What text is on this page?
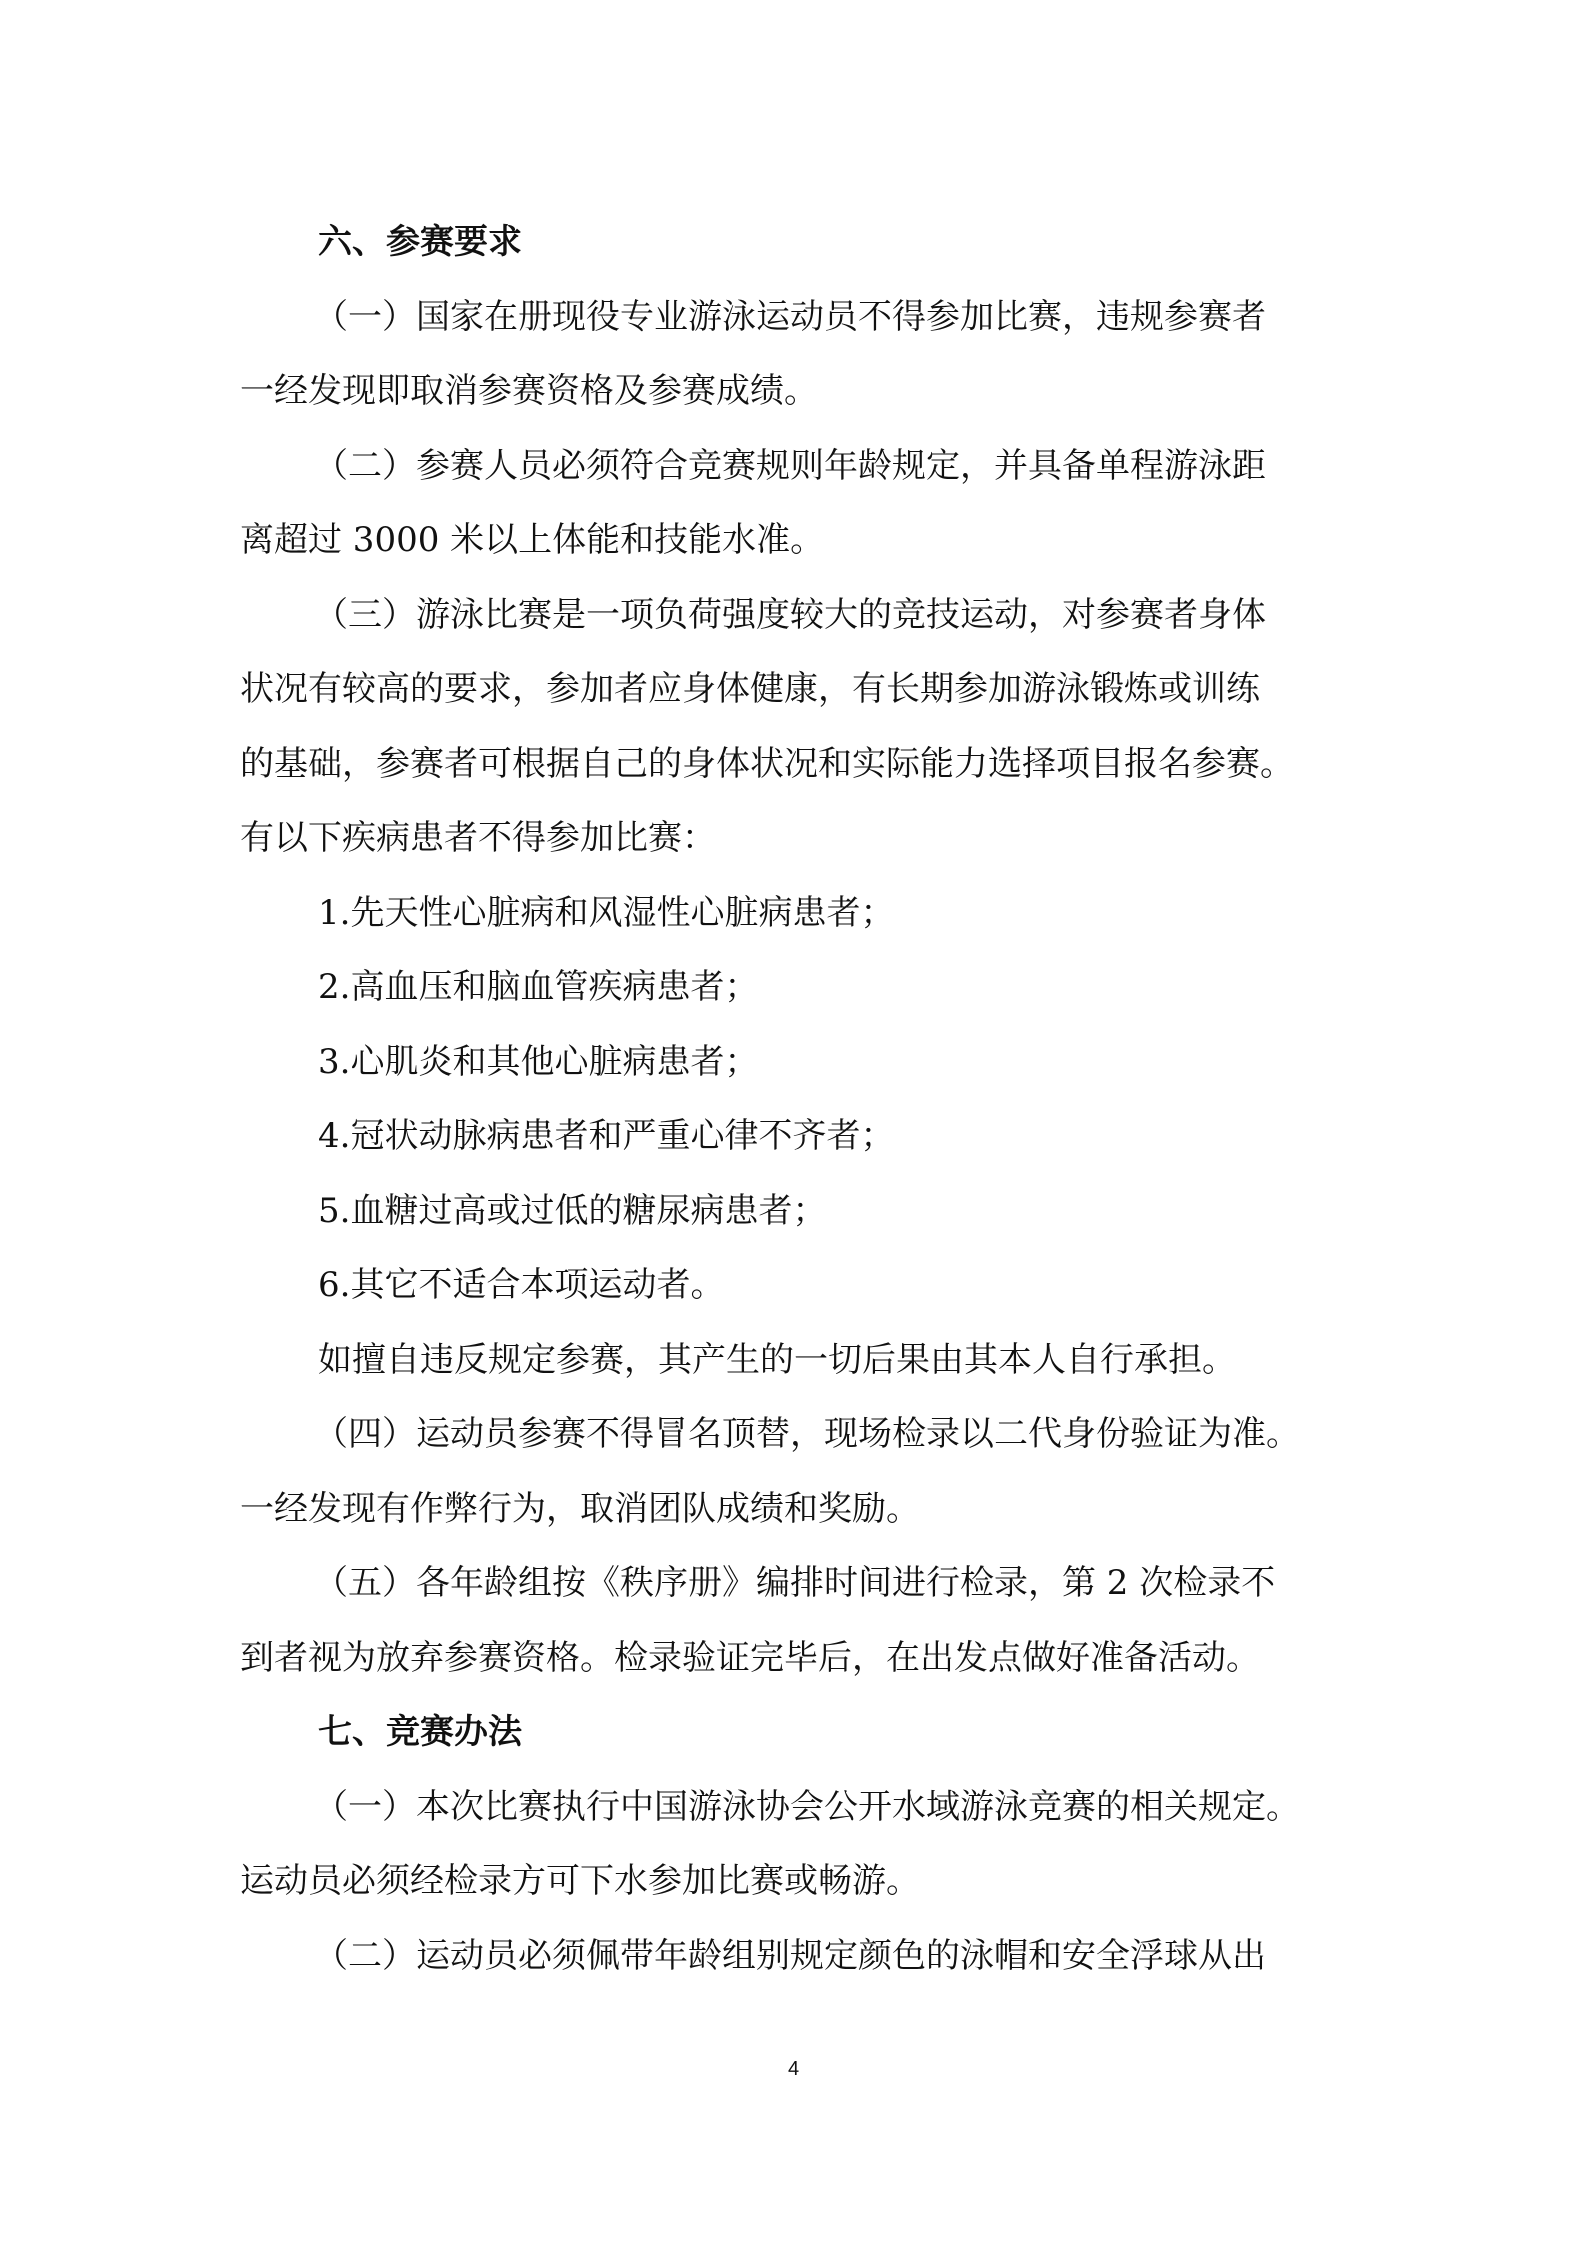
六、参赛要求
（一）国家在册现役专业游泳运动员不得参加比赛，违规参赛者
一经发现即取消参赛资格及参赛成绩。
（二）参赛人员必须符合竞赛规则年龄规定，并具备单程游泳距
离超过 3000 米以上体能和技能水准。
（三）游泳比赛是一项负荷强度较大的竞技运动，对参赛者身体
状况有较高的要求，参加者应身体健康，有长期参加游泳锻炼或训练
的基础，参赛者可根据自己的身体状况和实际能力选择项目报名参赛。
有以下疾病患者不得参加比赛：
1.先天性心脏病和风湿性心脏病患者；
2.高血压和脑血管疾病患者；
3.心肌炎和其他心脏病患者；
4.冠状动脉病患者和严重心律不齐者；
5.血糖过高或过低的糖尿病患者；
6.其它不适合本项运动者。
如擅自违反规定参赛，其产生的一切后果由其本人自行承担。
（四）运动员参赛不得冒名顶替，现场检录以二代身份验证为准。
一经发现有作弊行为，取消团队成绩和奖励。
（五）各年龄组按《秩序册》编排时间进行检录，第 2 次检录不
到者视为放弃参赛资格。检录验证完毕后，在出发点做好准备活动。
七、竞赛办法
（一）本次比赛执行中国游泳协会公开水域游泳竞赛的相关规定。
运动员必须经检录方可下水参加比赛或畅游。
（二）运动员必须佩带年龄组别规定颜色的泳帽和安全浮球从出
4
